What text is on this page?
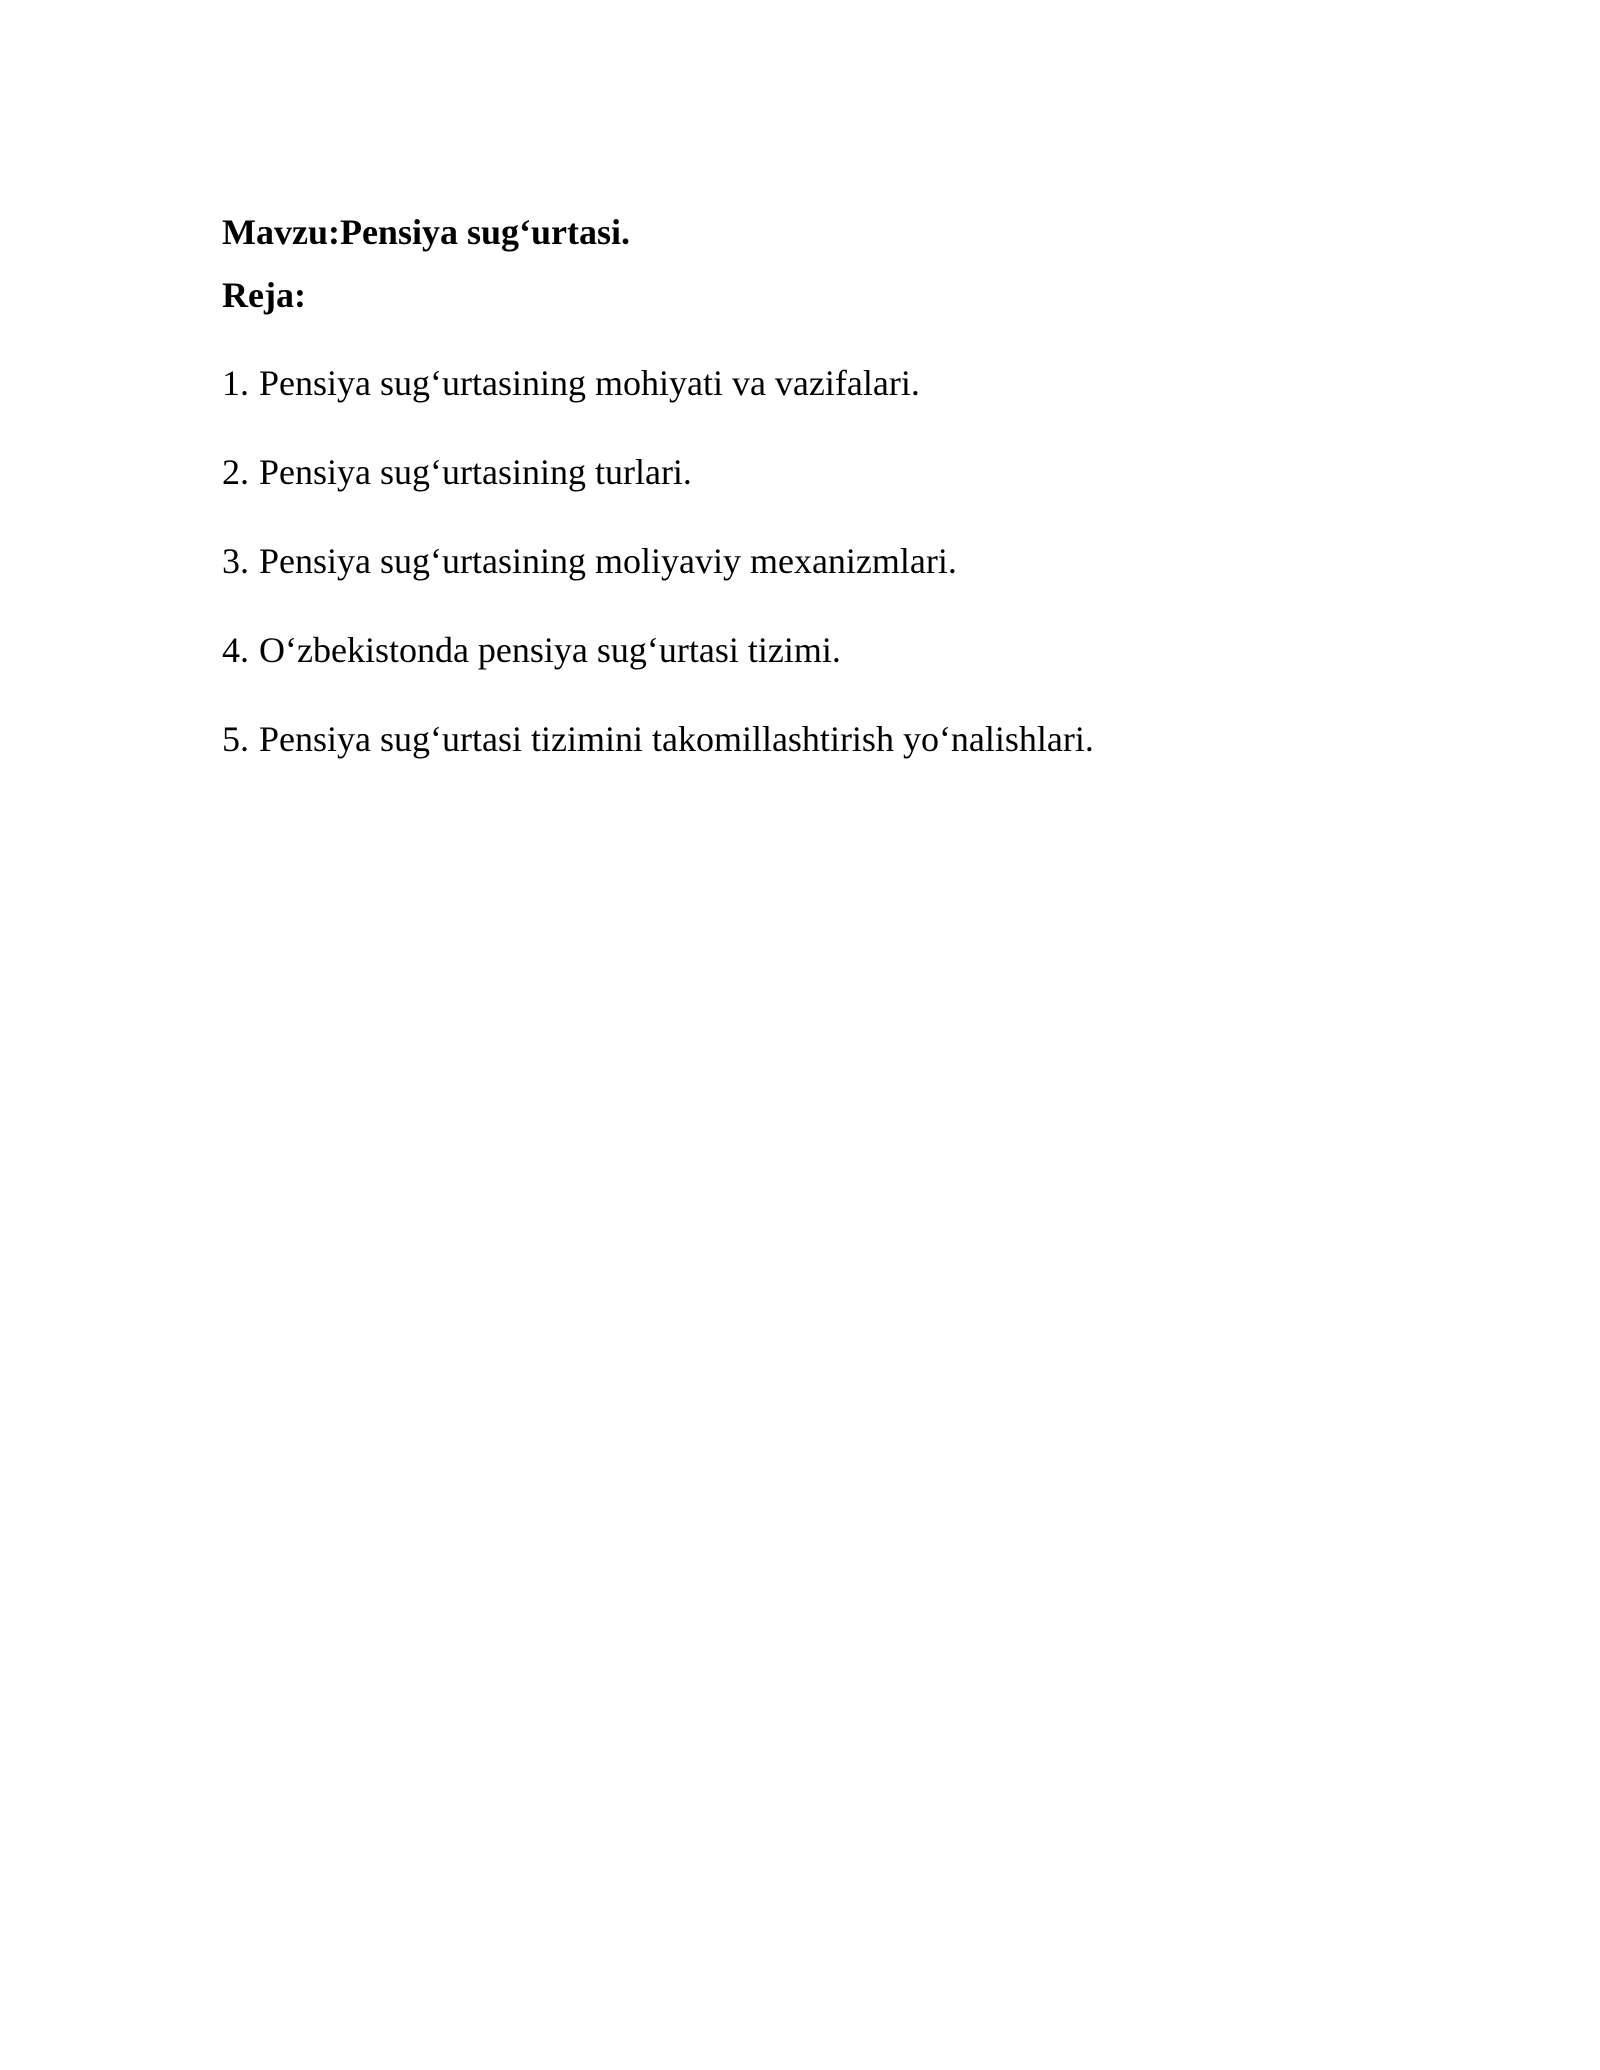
Mavzu:Pensiya sug‘urtasi.
Reja:
1. Pensiya sug‘urtasining mohiyati va vazifalari.
2. Pensiya sug‘urtasining turlari.
3. Pensiya sug‘urtasining moliyaviy mexanizmlari.
4. O‘zbekistonda pensiya sug‘urtasi tizimi.
5. Pensiya sug‘urtasi tizimini takomillashtirish yo‘nalishlari.
